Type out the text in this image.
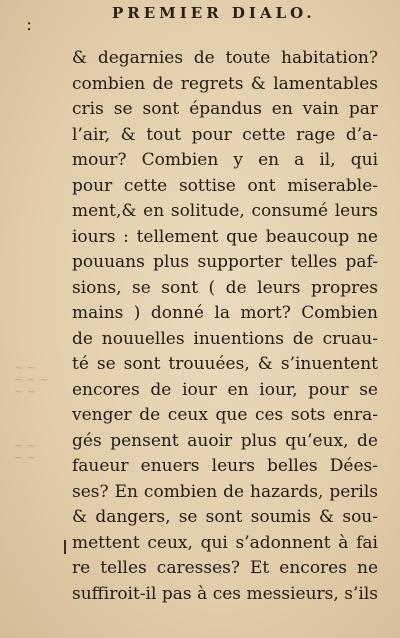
:
PREMIER DIALO.
~ ~
~ ~ ~
~ ~
~ ~
~ ~
& degarnies de toute habitation?
combien de regrets & lamentables
cris se sont épandus en vain par
l’air, & tout pour cette rage d’a-
mour? Combien y en a il, qui
pour cette sottise ont miserable-
ment,& en solitude, consumé leurs
iours : tellement que beaucoup ne
pouuans plus supporter telles paf-
sions, se sont ( de leurs propres
mains ) donné la mort? Combien
de nouuelles inuentions de cruau-
té se sont trouuées, & s’inuentent
encores de iour en iour, pour se
venger de ceux que ces sots enra-
gés pensent auoir plus qu’eux, de
faueur enuers leurs belles Dées-
ses? En combien de hazards, perils
& dangers, se sont soumis & sou-
mettent ceux, qui s’adonnent à fai
re telles caresses? Et encores ne
suffiroit-il pas à ces messieurs, s’ils
